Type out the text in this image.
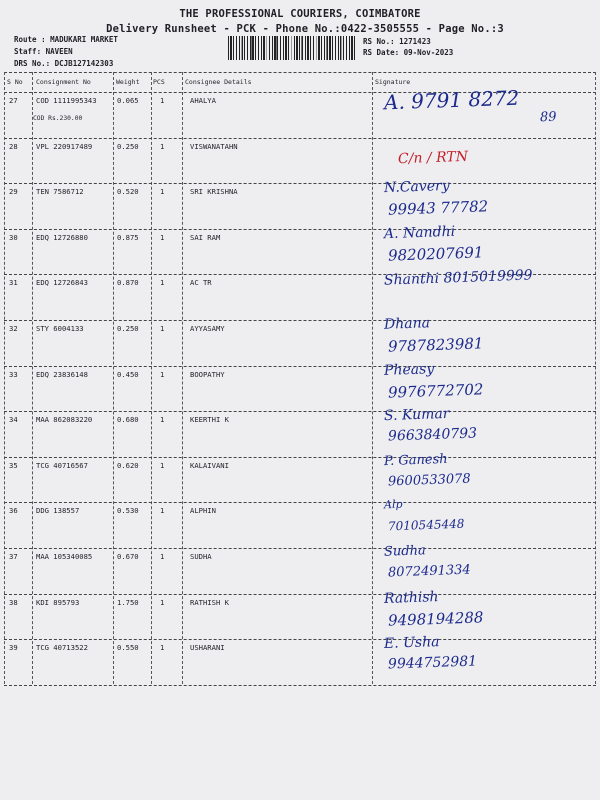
THE PROFESSIONAL COURIERS, COIMBATORE
Delivery Runsheet - PCK - Phone No.:0422-3505555 - Page No.:3
Route : MADUKARI MARKET
Staff: NAVEEN
DRS No.: DCJB127142303
RS No.: 1271423
RS Date: 09-Nov-2023
S No Consignment No	Weight PCS	Consignee Details	Signature
27	COD 1111995343	0.065	1	AHALYA
COD Rs.230.00
A. 9791 8272
89
28	VPL 220917489	0.250	1	VISWANATAHN
C/n / RTN
29	TEN 7586712	0.520	1	SRI KRISHNA	N.Cavery
99943 77782
30	EDQ 12726880	0.875	1	SAI RAM	A. Nandhi
9820207691
31	EDQ 12726843	0.870	1	AC TR	Shanthi 8015019999
32	STY 6004133	0.250	1	AYYASAMY	Dhana
9787823981
33	EDQ 23836148	0.450	1	BOOPATHY	Pheasy
9976772702
34	MAA 862083220	0.680	1	KEERTHI K	S. Kumar
9663840793
35	TCG 40716567	0.620	1	KALAIVANI	P. Ganesh
9600533078
36	DDG 138557	0.530	1	ALPHIN	Alp
7010545448
37	MAA 105340085	0.670	1	SUDHA	Sudha
8072491334
38	KDI 895793	1.750	1	RATHISH K	Rathish
9498194288
39	TCG 40713522	0.550	1	USHARANI	E. Usha
9944752981
